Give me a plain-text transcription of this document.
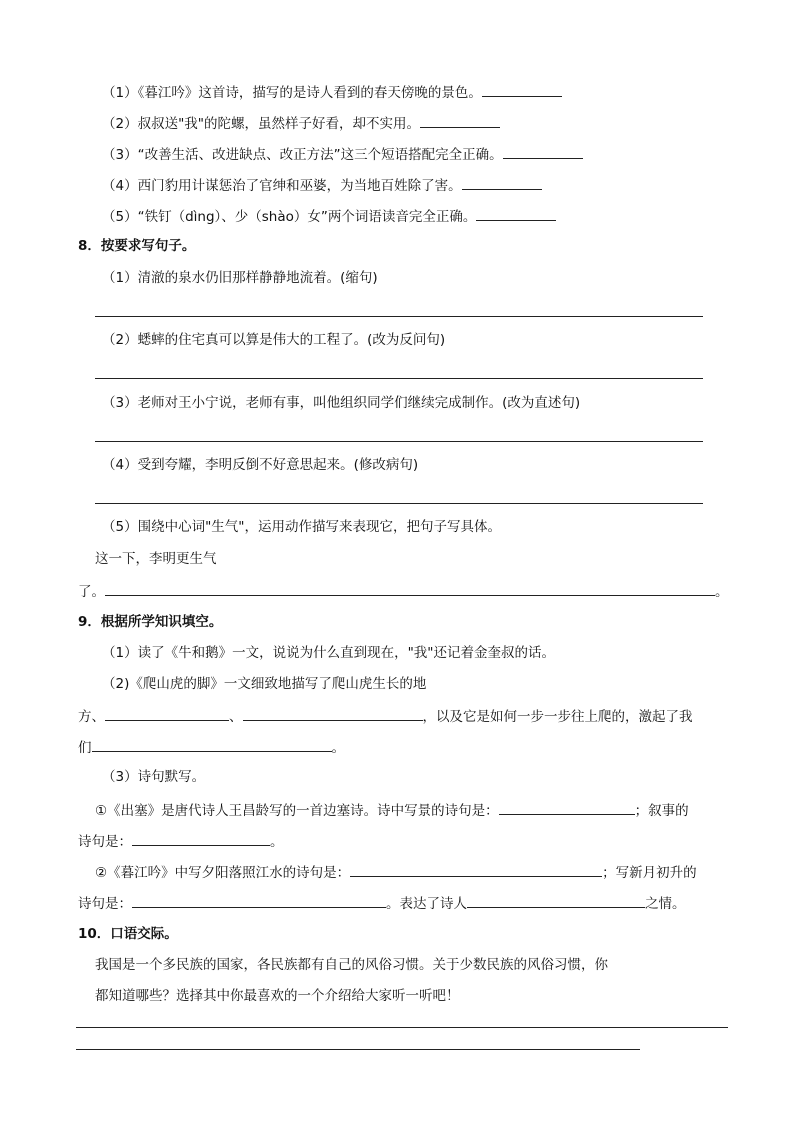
（1）《暮江吟》这首诗，描写的是诗人看到的春天傍晚的景色。
（2）叔叔送"我"的陀螺，虽然样子好看，却不实用。
（3）“改善生活、改进缺点、改正方法”这三个短语搭配完全正确。
（4）西门豹用计谋惩治了官绅和巫婆，为当地百姓除了害。
（5）“铁钉（dìng）、少（shào）女”两个词语读音完全正确。
8．按要求写句子。
（1）清澈的泉水仍旧那样静静地流着。(缩句)
（2）蟋蟀的住宅真可以算是伟大的工程了。(改为反问句)
（3）老师对王小宁说，老师有事，叫他组织同学们继续完成制作。(改为直述句)
（4）受到夸耀，李明反倒不好意思起来。(修改病句)
（5）围绕中心词"生气"，运用动作描写来表现它，把句子写具体。
这一下，李明更生气
了。	。
9．根据所学知识填空。
（1）读了《牛和鹅》一文，说说为什么直到现在，"我"还记着金奎叔的话。
（2)《爬山虎的脚》一文细致地描写了爬山虎生长的地
方、	、	，以及它是如何一步一步往上爬的，激起了我
们	。
（3）诗句默写。
①《出塞》是唐代诗人王昌龄写的一首边塞诗。诗中写景的诗句是：	；叙事的
诗句是：	。
②《暮江吟》中写夕阳落照江水的诗句是：	；写新月初升的
诗句是：	。表达了诗人	之情。
10．口语交际。
我国是一个多民族的国家，各民族都有自己的风俗习惯。关于少数民族的风俗习惯，你
都知道哪些？选择其中你最喜欢的一个介绍给大家听一听吧！
